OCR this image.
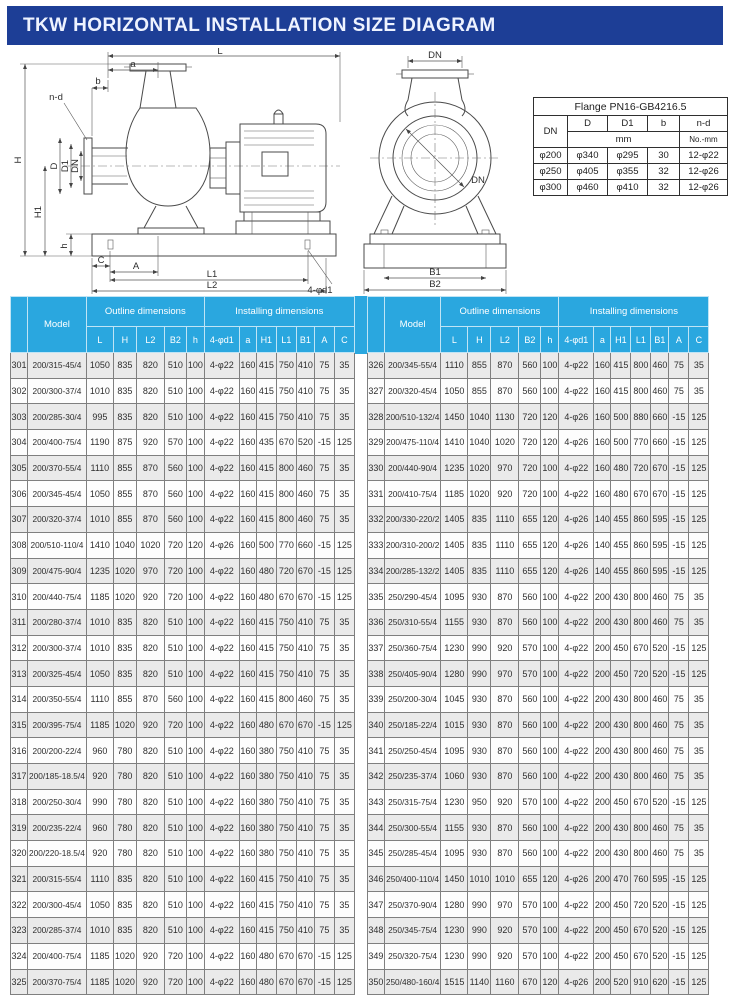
TKW HORIZONTAL INSTALLATION SIZE DIAGRAM
L
a
b
n-d
D D1 DN
H
H1
h
C
A
L1
L2	4-φd1
DN
DN
B1
B2
Flange PN16-GB4216.5				
DN	D	D1	b	n-d
	mm			No.-mm
φ200	φ340	φ295	30	12-φ22
φ250	φ405	φ355	32	12-φ26
φ300	φ460	φ410	32	12-φ26
	Model	Outline dimensions					Installing dimensions						
		L	H	L2	B2	h	4-φd1	a	H1	L1	B1	A	C
301	200/315-45/4	1050	835	820	510	100	4-φ22	160	415	750	410	75	35
302	200/300-37/4	1010	835	820	510	100	4-φ22	160	415	750	410	75	35
303	200/285-30/4	995	835	820	510	100	4-φ22	160	415	750	410	75	35
304	200/400-75/4	1190	875	920	570	100	4-φ22	160	435	670	520	-15	125
305	200/370-55/4	1110	855	870	560	100	4-φ22	160	415	800	460	75	35
306	200/345-45/4	1050	855	870	560	100	4-φ22	160	415	800	460	75	35
307	200/320-37/4	1010	855	870	560	100	4-φ22	160	415	800	460	75	35
308	200/510-110/4	1410	1040	1020	720	120	4-φ26	160	500	770	660	-15	125
309	200/475-90/4	1235	1020	970	720	100	4-φ22	160	480	720	670	-15	125
310	200/440-75/4	1185	1020	920	720	100	4-φ22	160	480	670	670	-15	125
311	200/280-37/4	1010	835	820	510	100	4-φ22	160	415	750	410	75	35
312	200/300-37/4	1010	835	820	510	100	4-φ22	160	415	750	410	75	35
313	200/325-45/4	1050	835	820	510	100	4-φ22	160	415	750	410	75	35
314	200/350-55/4	1110	855	870	560	100	4-φ22	160	415	800	460	75	35
315	200/395-75/4	1185	1020	920	720	100	4-φ22	160	480	670	670	-15	125
316	200/200-22/4	960	780	820	510	100	4-φ22	160	380	750	410	75	35
317	200/185-18.5/4	920	780	820	510	100	4-φ22	160	380	750	410	75	35
318	200/250-30/4	990	780	820	510	100	4-φ22	160	380	750	410	75	35
319	200/235-22/4	960	780	820	510	100	4-φ22	160	380	750	410	75	35
320	200/220-18.5/4	920	780	820	510	100	4-φ22	160	380	750	410	75	35
321	200/315-55/4	1110	835	820	510	100	4-φ22	160	415	750	410	75	35
322	200/300-45/4	1050	835	820	510	100	4-φ22	160	415	750	410	75	35
323	200/285-37/4	1010	835	820	510	100	4-φ22	160	415	750	410	75	35
324	200/400-75/4	1185	1020	920	720	100	4-φ22	160	480	670	670	-15	125
325	200/370-75/4	1185	1020	920	720	100	4-φ22	160	480	670	670	-15	125
	Model	Outline dimensions					Installing dimensions						
		L	H	L2	B2	h	4-φd1	a	H1	L1	B1	A	C
326	200/345-55/4	1110	855	870	560	100	4-φ22	160	415	800	460	75	35
327	200/320-45/4	1050	855	870	560	100	4-φ22	160	415	800	460	75	35
328	200/510-132/4	1450	1040	1130	720	120	4-φ26	160	500	880	660	-15	125
329	200/475-110/4	1410	1040	1020	720	120	4-φ26	160	500	770	660	-15	125
330	200/440-90/4	1235	1020	970	720	100	4-φ22	160	480	720	670	-15	125
331	200/410-75/4	1185	1020	920	720	100	4-φ22	160	480	670	670	-15	125
332	200/330-220/2	1405	835	1110	655	120	4-φ26	140	455	860	595	-15	125
333	200/310-200/2	1405	835	1110	655	120	4-φ26	140	455	860	595	-15	125
334	200/285-132/2	1405	835	1110	655	120	4-φ26	140	455	860	595	-15	125
335	250/290-45/4	1095	930	870	560	100	4-φ22	200	430	800	460	75	35
336	250/310-55/4	1155	930	870	560	100	4-φ22	200	430	800	460	75	35
337	250/360-75/4	1230	990	920	570	100	4-φ22	200	450	670	520	-15	125
338	250/405-90/4	1280	990	970	570	100	4-φ22	200	450	720	520	-15	125
339	250/200-30/4	1045	930	870	560	100	4-φ22	200	430	800	460	75	35
340	250/185-22/4	1015	930	870	560	100	4-φ22	200	430	800	460	75	35
341	250/250-45/4	1095	930	870	560	100	4-φ22	200	430	800	460	75	35
342	250/235-37/4	1060	930	870	560	100	4-φ22	200	430	800	460	75	35
343	250/315-75/4	1230	950	920	570	100	4-φ22	200	450	670	520	-15	125
344	250/300-55/4	1155	930	870	560	100	4-φ22	200	430	800	460	75	35
345	250/285-45/4	1095	930	870	560	100	4-φ22	200	430	800	460	75	35
346	250/400-110/4	1450	1010	1010	655	120	4-φ26	200	470	760	595	-15	125
347	250/370-90/4	1280	990	970	570	100	4-φ22	200	450	720	520	-15	125
348	250/345-75/4	1230	990	920	570	100	4-φ22	200	450	670	520	-15	125
349	250/320-75/4	1230	990	920	570	100	4-φ22	200	450	670	520	-15	125
350	250/480-160/4	1515	1140	1160	670	120	4-φ26	200	520	910	620	-15	125
